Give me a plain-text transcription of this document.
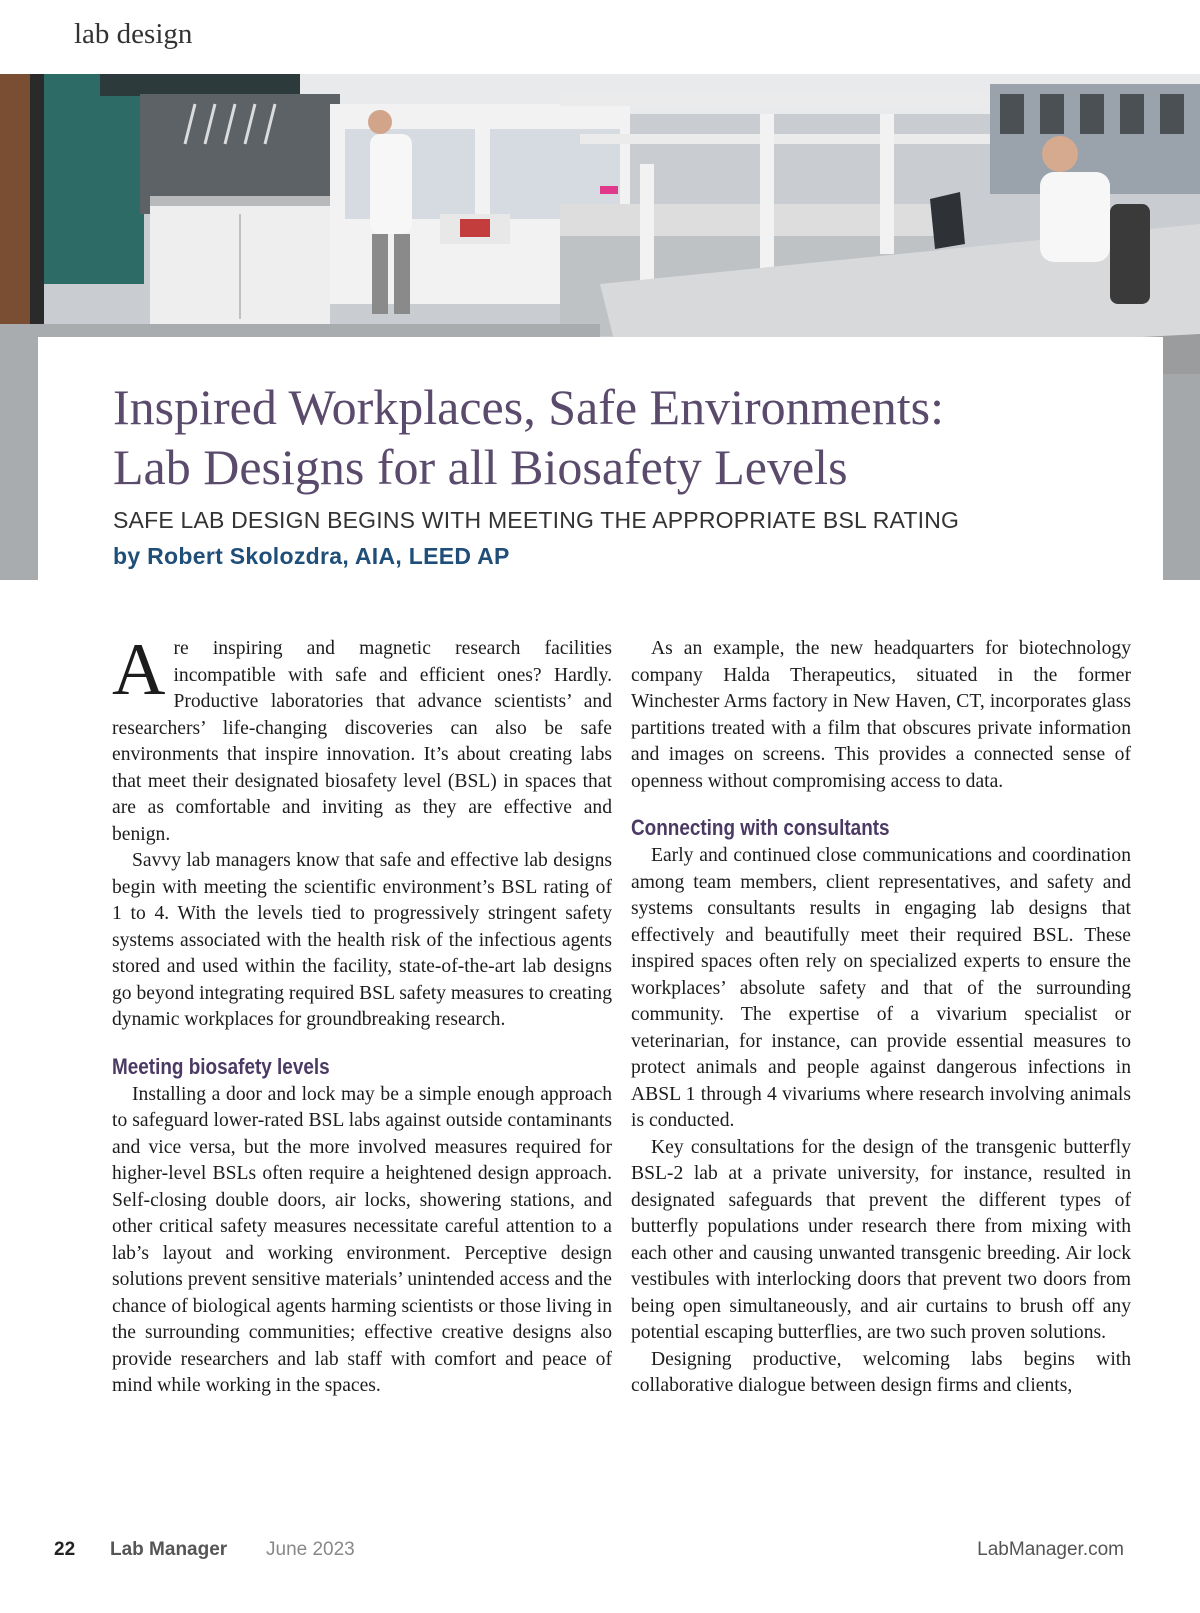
lab design
Inspired Workplaces, Safe Environments:
Lab Designs for all Biosafety Levels
SAFE LAB DESIGN BEGINS WITH MEETING THE APPROPRIATE BSL RATING
by Robert Skolozdra, AIA, LEED AP

Are inspiring and magnetic research facilities incompatible with safe and efficient ones? Hardly. Productive laboratories that advance scientists’ and researchers’ life-changing discoveries can also be safe environments that inspire innovation. It’s about creating labs that meet their designated biosafety level (BSL) in spaces that are as comfortable and inviting as they are effective and benign.

Savvy lab managers know that safe and effective lab designs begin with meeting the scientific environment’s BSL rating of 1 to 4. With the levels tied to progressively stringent safety systems associated with the health risk of the infectious agents stored and used within the facility, state-of-the-art lab designs go beyond integrating required BSL safety measures to creating dynamic workplaces for groundbreaking research.

Meeting biosafety levels

Installing a door and lock may be a simple enough approach to safeguard lower-rated BSL labs against outside contaminants and vice versa, but the more involved measures required for higher-level BSLs often require a heightened design approach. Self-closing double doors, air locks, showering stations, and other critical safety measures necessitate careful attention to a lab’s layout and working environment. Perceptive design solutions prevent sensitive materials’ unintended access and the chance of biological agents harming scientists or those living in the surrounding communities; effective creative designs also provide researchers and lab staff with comfort and peace of mind while working in the spaces.

As an example, the new headquarters for biotechnology company Halda Therapeutics, situated in the former Winchester Arms factory in New Haven, CT, incorporates glass partitions treated with a film that obscures private information and images on screens. This provides a connected sense of openness without compromising access to data.

Connecting with consultants

Early and continued close communications and coordination among team members, client representatives, and safety and systems consultants results in engaging lab designs that effectively and beautifully meet their required BSL. These inspired spaces often rely on specialized experts to ensure the workplaces’ absolute safety and that of the surrounding community. The expertise of a vivarium specialist or veterinarian, for instance, can provide essential measures to protect animals and people against dangerous infections in ABSL 1 through 4 vivariums where research involving animals is conducted.

Key consultations for the design of the transgenic butterfly BSL-2 lab at a private university, for instance, resulted in designated safeguards that prevent the different types of butterfly populations under research there from mixing with each other and causing unwanted transgenic breeding. Air lock vestibules with interlocking doors that prevent two doors from being open simultaneously, and air curtains to brush off any potential escaping butterflies, are two such proven solutions.

Designing productive, welcoming labs begins with collaborative dialogue between design firms and clients,

22 Lab Manager June 2023	LabManager.com
